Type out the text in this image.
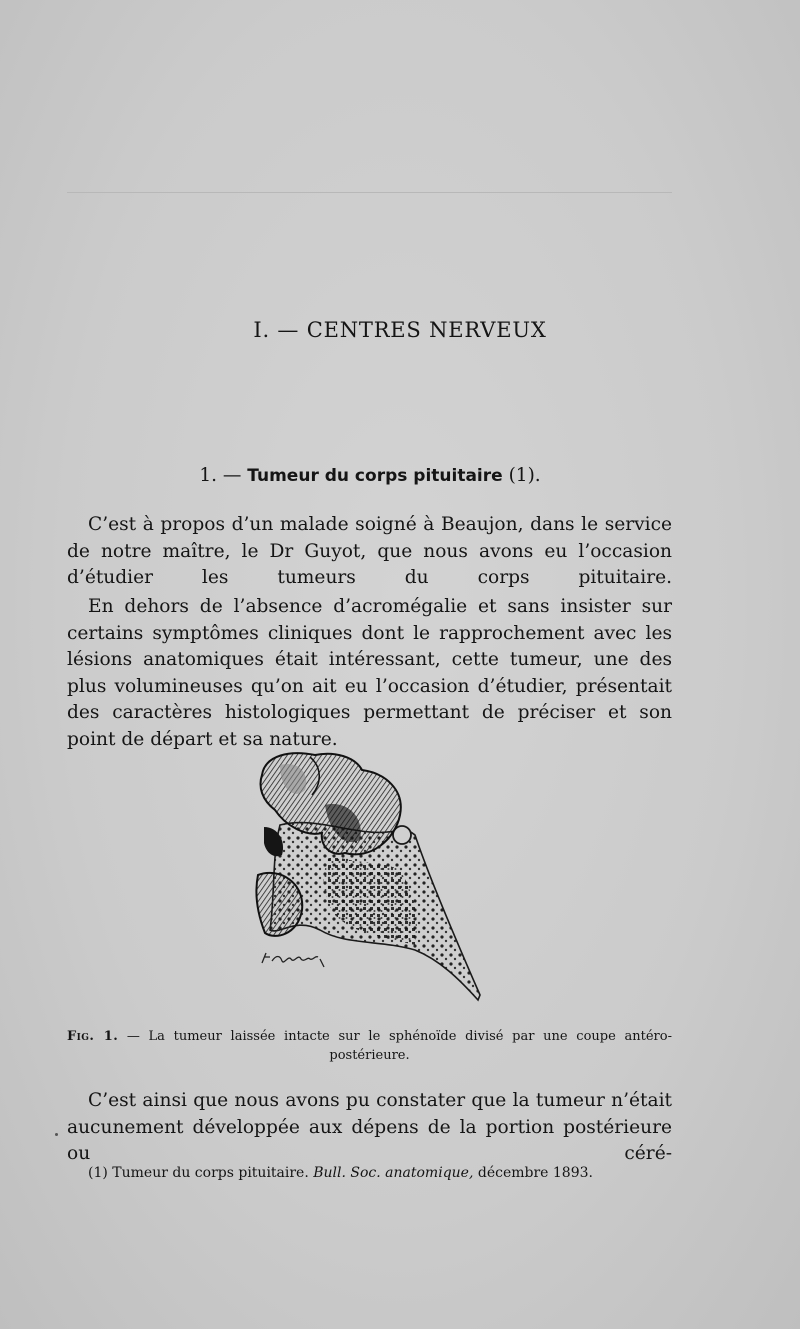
I. — CENTRES NERVEUX
1. — Tumeur du corps pituitaire (1).
C’est à propos d’un malade soigné à Beaujon, dans le service de notre maître, le Dr Guyot, que nous avons eu l’occasion d’étudier les tumeurs du corps pituitaire.
En dehors de l’absence d’acromégalie et sans insister sur certains symptômes cliniques dont le rapprochement avec les lésions anatomiques était intéressant, cette tumeur, une des plus volumineuses qu’on ait eu l’occasion d’étudier, présentait des caractères histologiques permettant de préciser et son point de départ et sa nature.
Fig. 1. — La tumeur laissée intacte sur le sphénoïde divisé par une coupe antéro-postérieure.
C’est ainsi que nous avons pu constater que la tumeur n’était aucunement développée aux dépens de la portion postérieure ou céré-
(1) Tumeur du corps pituitaire. Bull. Soc. anatomique, décembre 1893.
